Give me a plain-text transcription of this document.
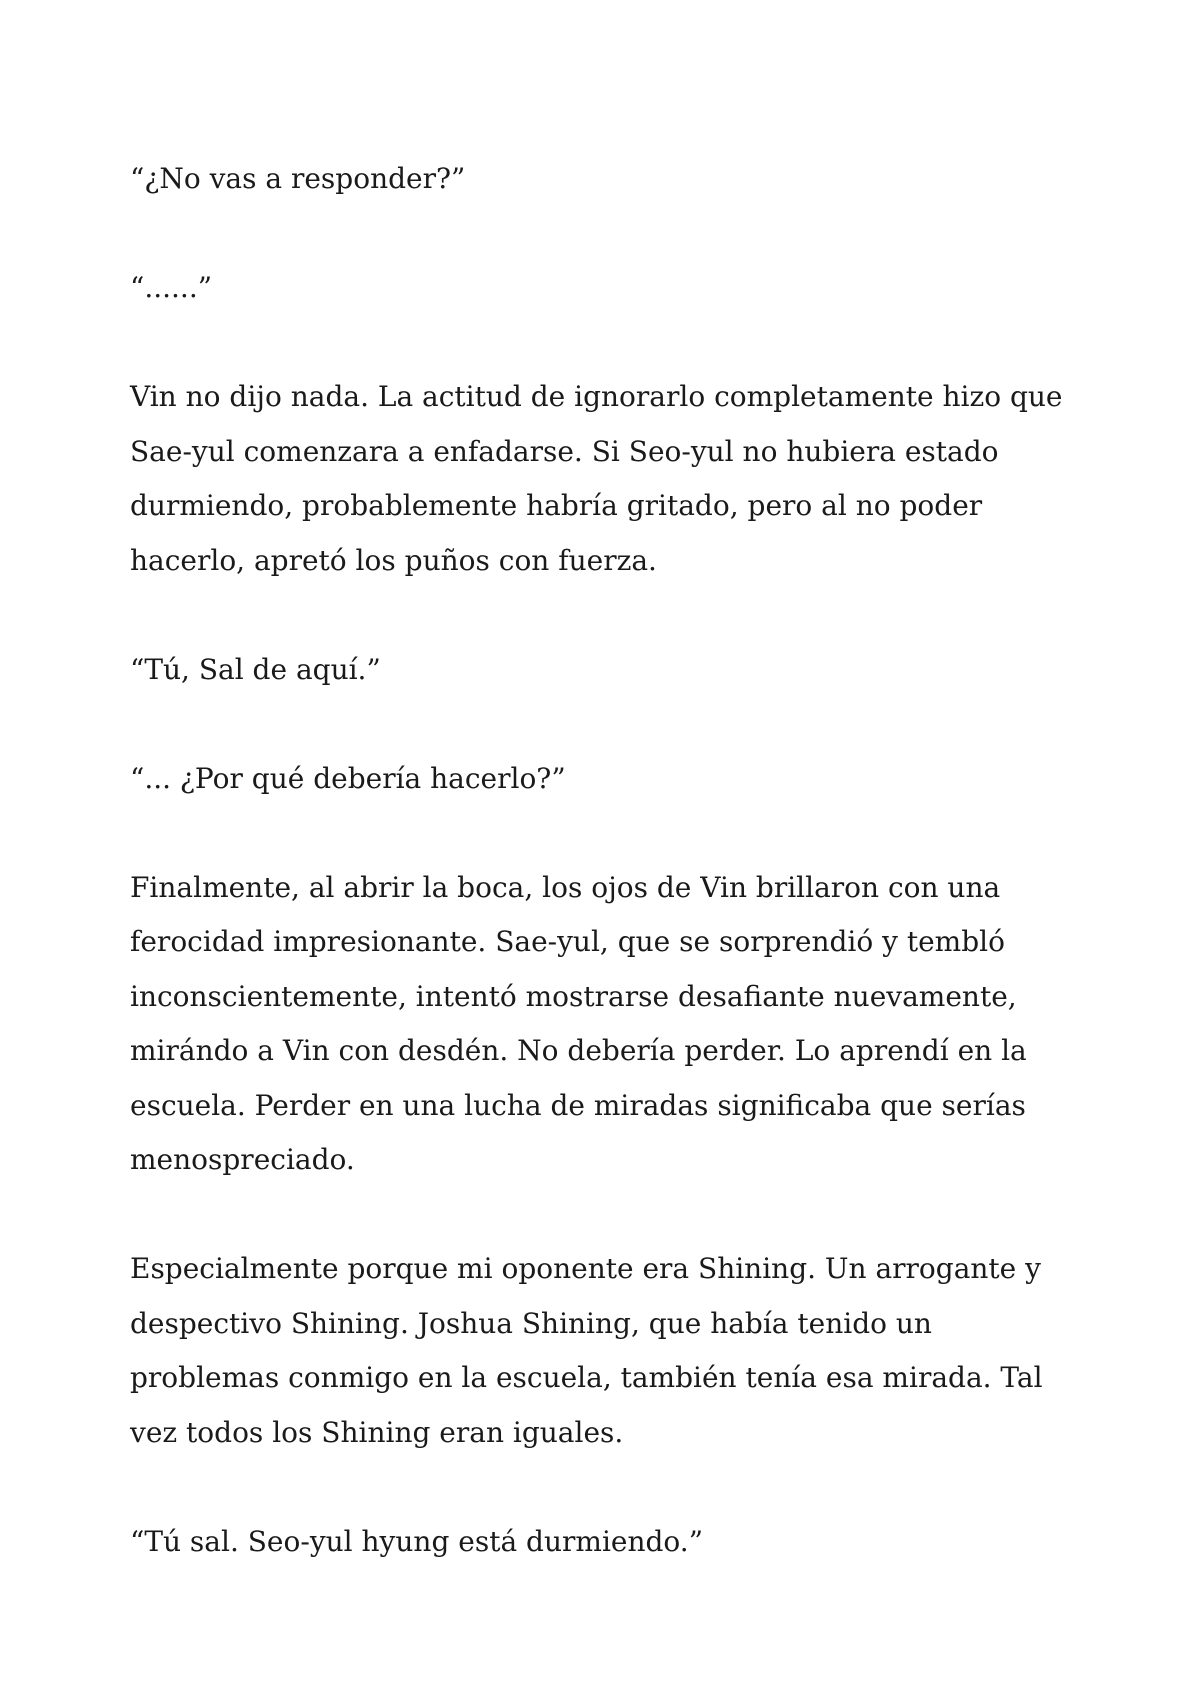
“¿No vas a responder?”

“......”

Vin no dijo nada. La actitud de ignorarlo completamente hizo que Sae-yul comenzara a enfadarse. Si Seo-yul no hubiera estado durmiendo, probablemente habría gritado, pero al no poder hacerlo, apretó los puños con fuerza.

“Tú, Sal de aquí.”

“... ¿Por qué debería hacerlo?”

Finalmente, al abrir la boca, los ojos de Vin brillaron con una ferocidad impresionante. Sae-yul, que se sorprendió y tembló inconscientemente, intentó mostrarse desafiante nuevamente, mirándo a Vin con desdén. No debería perder. Lo aprendí en la escuela. Perder en una lucha de miradas significaba que serías menospreciado.

Especialmente porque mi oponente era Shining. Un arrogante y despectivo Shining. Joshua Shining, que había tenido un problemas conmigo en la escuela, también tenía esa mirada. Tal vez todos los Shining eran iguales.

“Tú sal. Seo-yul hyung está durmiendo.”
